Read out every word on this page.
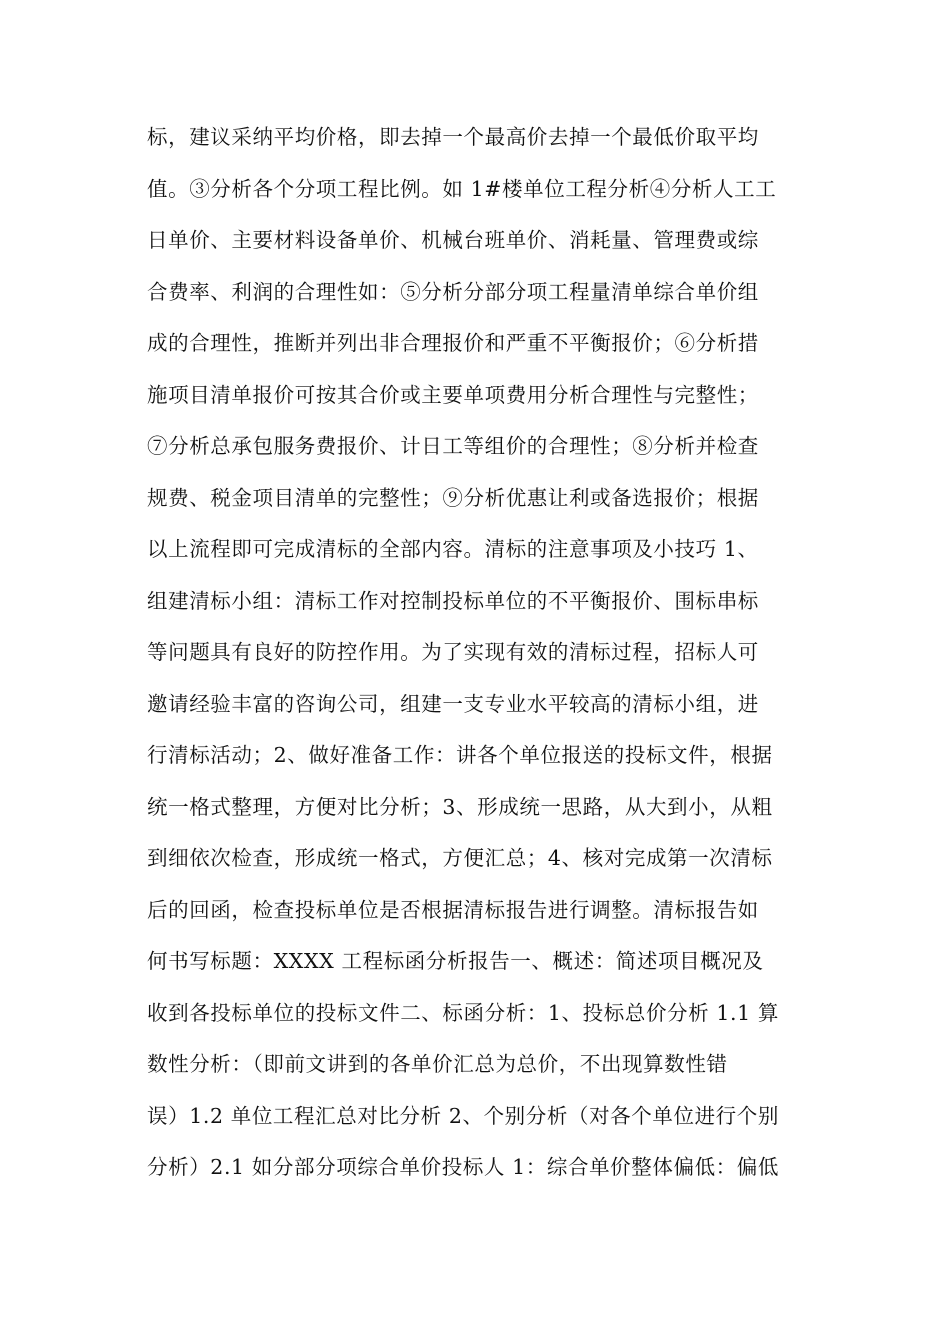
标，建议采纳平均价格，即去掉一个最高价去掉一个最低价取平均
值。③分析各个分项工程比例。如 1#楼单位工程分析④分析人工工
日单价、主要材料设备单价、机械台班单价、消耗量、管理费或综
合费率、利润的合理性如：⑤分析分部分项工程量清单综合单价组
成的合理性，推断并列出非合理报价和严重不平衡报价；⑥分析措
施项目清单报价可按其合价或主要单项费用分析合理性与完整性；
⑦分析总承包服务费报价、计日工等组价的合理性；⑧分析并检查
规费、税金项目清单的完整性；⑨分析优惠让利或备选报价；根据
以上流程即可完成清标的全部内容。清标的注意事项及小技巧 1、
组建清标小组：清标工作对控制投标单位的不平衡报价、围标串标
等问题具有良好的防控作用。为了实现有效的清标过程，招标人可
邀请经验丰富的咨询公司，组建一支专业水平较高的清标小组，进
行清标活动；2、做好准备工作：讲各个单位报送的投标文件，根据
统一格式整理，方便对比分析；3、形成统一思路，从大到小，从粗
到细依次检查，形成统一格式，方便汇总；4、核对完成第一次清标
后的回函，检查投标单位是否根据清标报告进行调整。清标报告如
何书写标题：XXXX 工程标函分析报告一、概述：简述项目概况及
收到各投标单位的投标文件二、标函分析：1、投标总价分析 1.1 算
数性分析：（即前文讲到的各单价汇总为总价，不出现算数性错
误）1.2 单位工程汇总对比分析 2、个别分析（对各个单位进行个别
分析）2.1 如分部分项综合单价投标人 1：综合单价整体偏低：偏低
